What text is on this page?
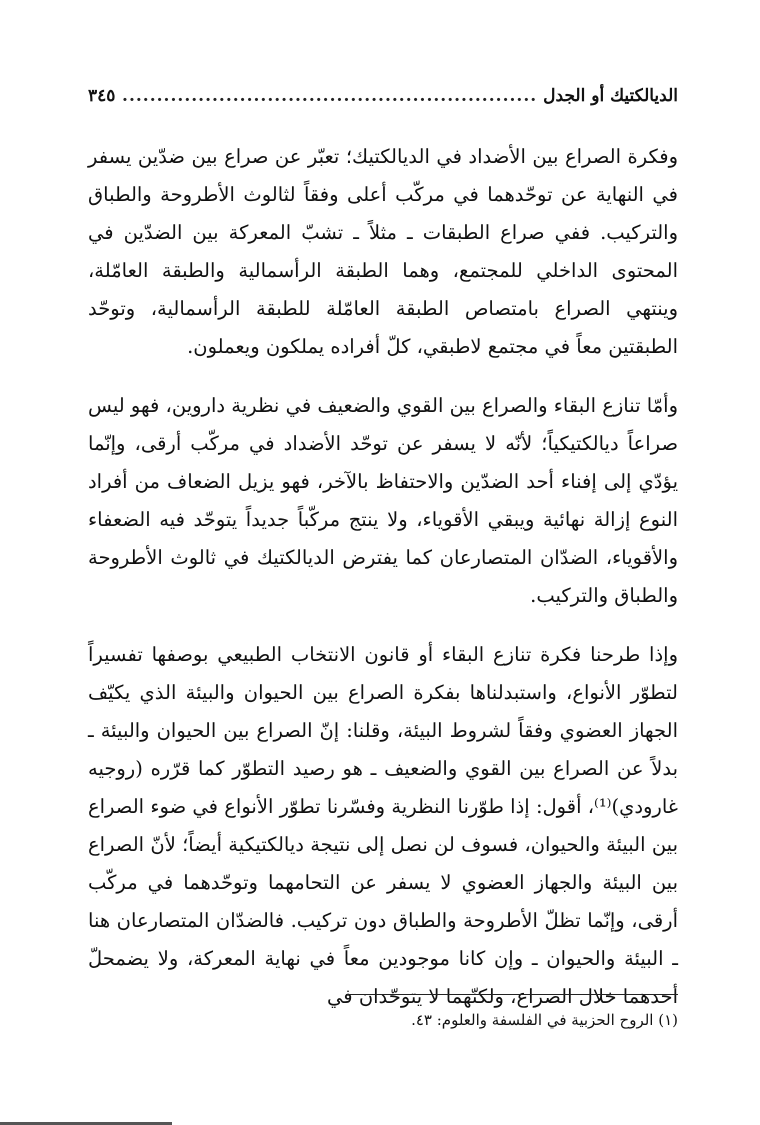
الديالكتيك أو الجدل
.....
٣٤٥

وفكرة الصراع بين الأضداد في الديالكتيك؛ تعبّر عن صراع بين ضدّين يسفر في النهاية عن توحّدهما في مركّب أعلى وفقاً لثالوث الأطروحة والطباق والتركيب. ففي صراع الطبقات ـ مثلاً ـ تشبّ المعركة بين الضدّين في المحتوى الداخلي للمجتمع، وهما الطبقة الرأسمالية والطبقة العامّلة، وينتهي الصراع بامتصاص الطبقة العامّلة للطبقة الرأسمالية، وتوحّد الطبقتين معاً في مجتمع لاطبقي، كلّ أفراده يملكون ويعملون.

وأمّا تنازع البقاء والصراع بين القوي والضعيف في نظرية داروين، فهو ليس صراعاً ديالكتيكياً؛ لأنّه لا يسفر عن توحّد الأضداد في مركّب أرقى، وإنّما يؤدّي إلى إفناء أحد الضدّين والاحتفاظ بالآخر، فهو يزيل الضعاف من أفراد النوع إزالة نهائية ويبقي الأقوياء، ولا ينتج مركّباً جديداً يتوحّد فيه الضعفاء والأقوياء، الضدّان المتصارعان كما يفترض الديالكتيك في ثالوث الأطروحة والطباق والتركيب.

وإذا طرحنا فكرة تنازع البقاء أو قانون الانتخاب الطبيعي بوصفها تفسيراً لتطوّر الأنواع، واستبدلناها بفكرة الصراع بين الحيوان والبيئة الذي يكيّف الجهاز العضوي وفقاً لشروط البيئة، وقلنا: إنّ الصراع بين الحيوان والبيئة ـ بدلاً عن الصراع بين القوي والضعيف ـ هو رصيد التطوّر كما قرّره (روجيه غارودي)⁽¹⁾، أقول: إذا طوّرنا النظرية وفسّرنا تطوّر الأنواع في ضوء الصراع بين البيئة والحيوان، فسوف لن نصل إلى نتيجة ديالكتيكية أيضاً؛ لأنّ الصراع بين البيئة والجهاز العضوي لا يسفر عن التحامهما وتوحّدهما في مركّب أرقى، وإنّما تظلّ الأطروحة والطباق دون تركيب. فالضدّان المتصارعان هنا ـ البيئة والحيوان ـ وإن كانا موجودين معاً في نهاية المعركة، ولا يضمحلّ أحدهما خلال الصراع، ولكنّهما لا يتوحّدان في

(١) الروح الحزبية في الفلسفة والعلوم: ٤٣.
